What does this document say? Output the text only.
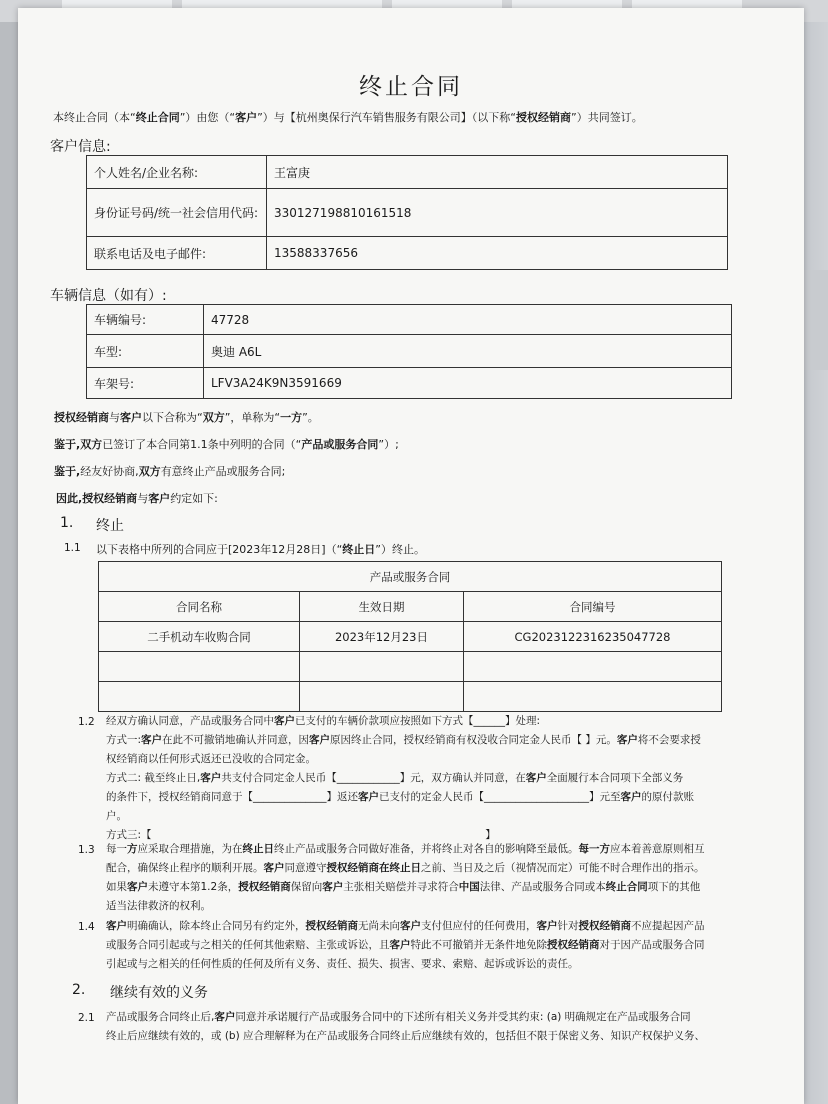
终止合同
本终止合同（本“终止合同”）由您（“客户”）与【杭州奥保行汽车销售服务有限公司】（以下称“授权经销商”）共同签订。
客户信息:
个人姓名/企业名称:	王富庚
身份证号码/统一社会信用代码:	330127198810161518
联系电话及电子邮件:	13588337656
车辆信息（如有）:
车辆编号:	47728
车型:	奥迪 A6L
车架号:	LFV3A24K9N3591669
授权经销商与客户以下合称为“双方”，单称为“一方”。
鉴于,双方已签订了本合同第1.1条中列明的合同（“产品或服务合同”）;
鉴于,经友好协商,双方有意终止产品或服务合同;
因此,授权经销商与客户约定如下:
1. 终止
1.1 以下表格中所列的合同应于[2023年12月28日]（“终止日”）终止。
产品或服务合同		
合同名称	生效日期	合同编号
二手机动车收购合同	2023年12月23日	CG2023122316235047728

1.2 经双方确认同意，产品或服务合同中客户已支付的车辆价款项应按照如下方式【______】处理:
方式一:客户在此不可撤销地确认并同意，因客户原因终止合同，授权经销商有权没收合同定金人民币【 】元。客户将不会要求授
权经销商以任何形式返还已没收的合同定金。
方式二: 截至终止日,客户共支付合同定金人民币【____________】元，双方确认并同意，在客户全面履行本合同项下全部义务
的条件下，授权经销商同意于【______________】返还客户已支付的定金人民币【____________________】元至客户的原付款账
户。
方式三:【                                                                                                    】
1.3 每一方应采取合理措施，为在终止日终止产品或服务合同做好准备，并将终止对各自的影响降至最低。每一方应本着善意原则相互
配合，确保终止程序的顺利开展。客户同意遵守授权经销商在终止日之前、当日及之后（视情况而定）可能不时合理作出的指示。
如果客户未遵守本第1.2条，授权经销商保留向客户主张相关赔偿并寻求符合中国法律、产品或服务合同或本终止合同项下的其他
适当法律救济的权利。
1.4 客户明确确认，除本终止合同另有约定外，授权经销商无尚未向客户支付但应付的任何费用，客户针对授权经销商不应提起因产品
或服务合同引起或与之相关的任何其他索赔、主张或诉讼，且客户特此不可撤销并无条件地免除授权经销商对于因产品或服务合同
引起或与之相关的任何性质的任何及所有义务、责任、损失、损害、要求、索赔、起诉或诉讼的责任。
2. 继续有效的义务
2.1 产品或服务合同终止后,客户同意并承诺履行产品或服务合同中的下述所有相关义务并受其约束: (a) 明确规定在产品或服务合同
终止后应继续有效的，或 (b) 应合理解释为在产品或服务合同终止后应继续有效的，包括但不限于保密义务、知识产权保护义务、
